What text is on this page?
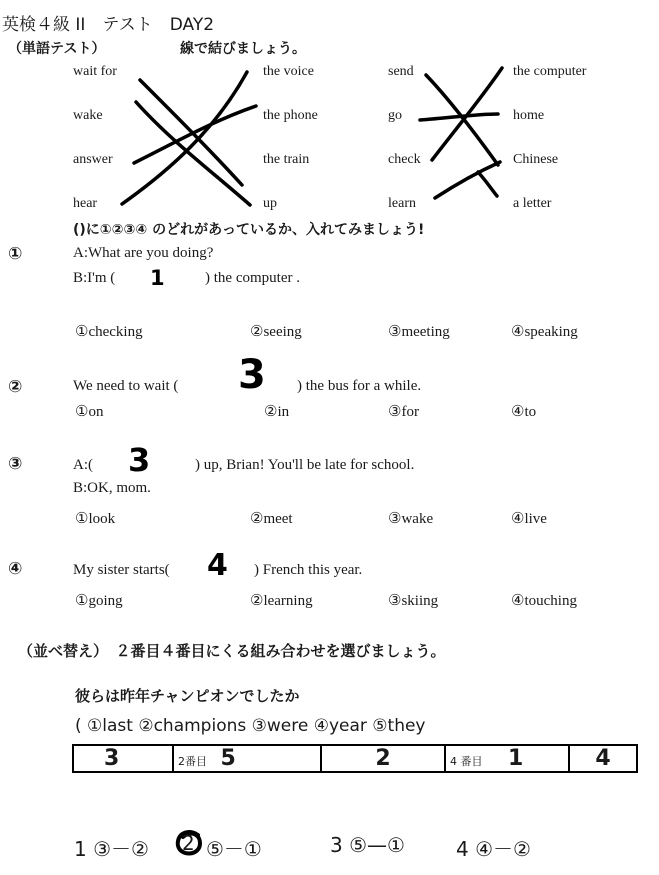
英検４級 II　テスト　DAY2
（単語テスト）	線で結びましょう。
wait for
wake
answer
hear
the voice
the phone
the train
up
send
go
check
learn
the computer
home
Chinese
a letter
()に①②③④ のどれがあっているか、入れてみましょう!
①	A:What are you doing?
B:I'm ( 1	) the computer .
①checking	②seeing	③meeting	④speaking
②	We need to wait ( 3 ) the bus for a while.
①on	②in	③for	④to
③	A:( 3	) up, Brian! You'll be late for school.
B:OK, mom.
①look	②meet	③wake	④live
④	My sister starts( 4 ) French this year.
①going	②learning	③skiing	④touching
（並べ替え）　２番目４番目にくる組み合わせを選びましょう。
彼らは昨年チャンピオンでしたか
( ①last ②champions ③were ④year ⑤they
3	2番目 5	2	4 番目 1	4
1 ③－② 2 ⑤－①	3 ⑤—①	4 ④－②
